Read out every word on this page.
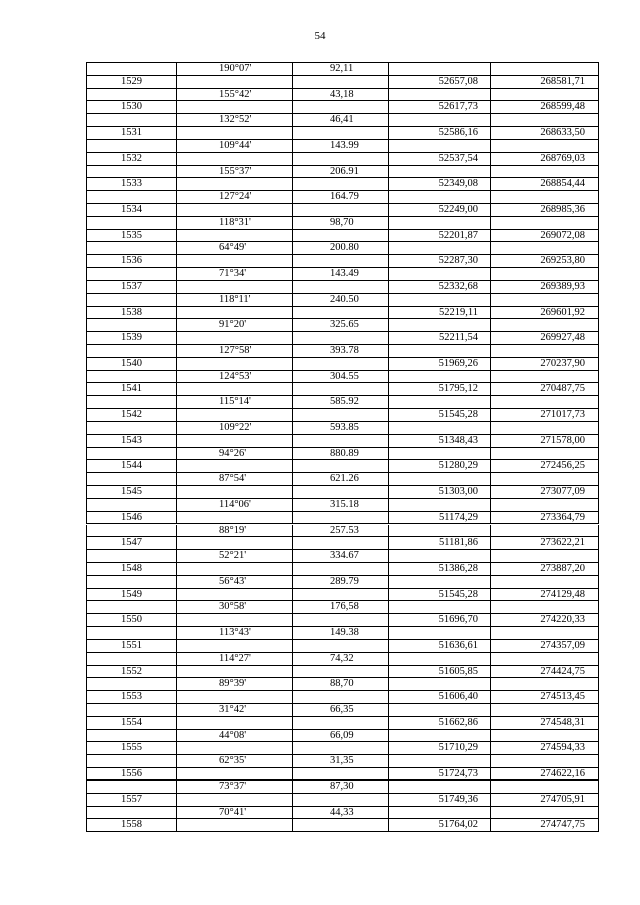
54
190°07'	92,11
1529	52657,08	268581,71
155°42'	43,18
1530	52617,73	268599,48
132°52'	46,41
1531	52586,16	268633,50
109°44'	143.99
1532	52537,54	268769,03
155°37'	206.91
1533	52349,08	268854,44
127°24'	164.79
1534	52249,00	268985,36
118°31'	98,70
1535	52201,87	269072,08
64°49'	200.80
1536	52287,30	269253,80
71°34'	143.49
1537	52332,68	269389,93
118°11'	240.50
1538	52219,11	269601,92
91°20'	325.65
1539	52211,54	269927,48
127°58'	393.78
1540	51969,26	270237,90
124°53'	304.55
1541	51795,12	270487,75
115°14'	585.92
1542	51545,28	271017,73
109°22'	593.85
1543	51348,43	271578,00
94°26'	880.89
1544	51280,29	272456,25
87°54'	621.26
1545	51303,00	273077,09
114°06'	315.18
1546	51174,29	273364,79
88°19'	257.53
1547	51181,86	273622,21
52°21'	334.67
1548	51386,28	273887,20
56°43'	289.79
1549	51545,28	274129,48
30°58'	176,58
1550	51696,70	274220,33
113°43'	149.38
1551	51636,61	274357,09
114°27'	74,32
1552	51605,85	274424,75
89°39'	88,70
1553	51606,40	274513,45
31°42'	66,35
1554	51662,86	274548,31
44°08'	66,09
1555	51710,29	274594,33
62°35'	31,35
1556	51724,73	274622,16
73°37'	87,30
1557	51749,36	274705,91
70°41'	44,33
1558	51764,02	274747,75
